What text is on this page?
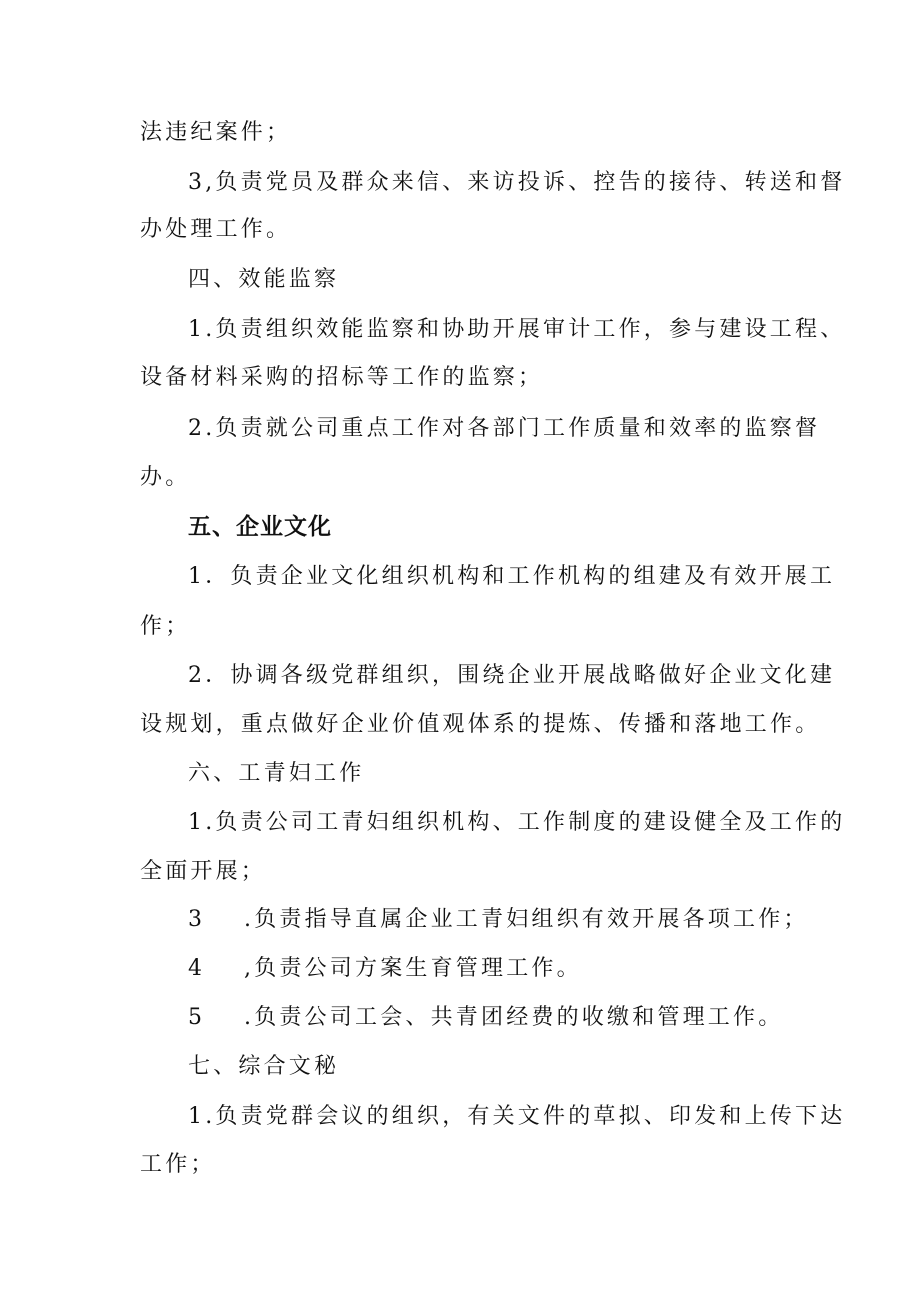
法违纪案件；
3,负责党员及群众来信、来访投诉、控告的接待、转送和督
办处理工作。
四、效能监察
1.负责组织效能监察和协助开展审计工作，参与建设工程、
设备材料采购的招标等工作的监察；
2.负责就公司重点工作对各部门工作质量和效率的监察督
办。
五、企业文化
1．负责企业文化组织机构和工作机构的组建及有效开展工
作；
2．协调各级党群组织，围绕企业开展战略做好企业文化建
设规划，重点做好企业价值观体系的提炼、传播和落地工作。
六、工青妇工作
1.负责公司工青妇组织机构、工作制度的建设健全及工作的
全面开展；
3	.负责指导直属企业工青妇组织有效开展各项工作；
4	,负责公司方案生育管理工作。
5	.负责公司工会、共青团经费的收缴和管理工作。
七、综合文秘
1.负责党群会议的组织，有关文件的草拟、印发和上传下达
工作；
